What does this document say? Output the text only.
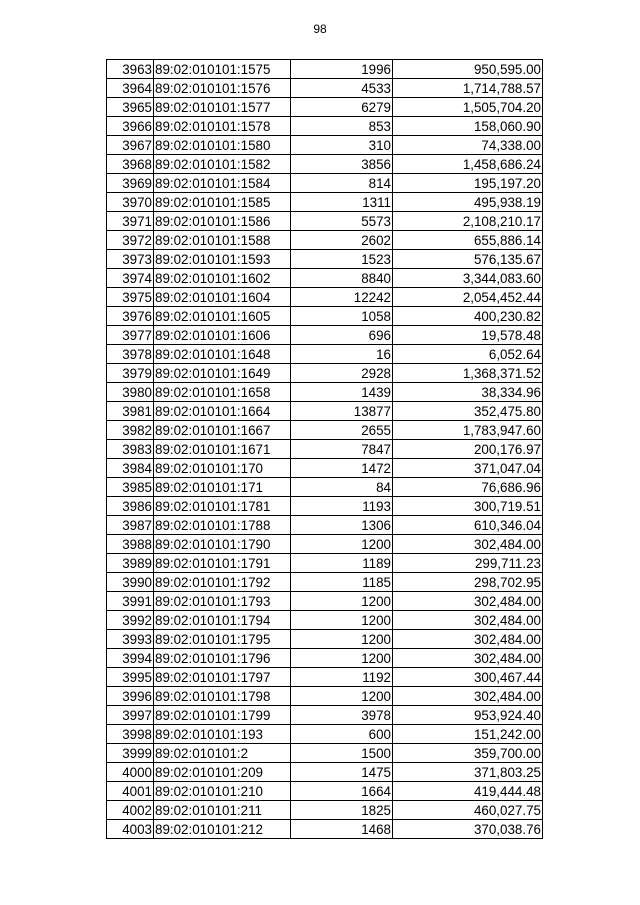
98
3963	89:02:010101:1575	1996	950,595.00
3964	89:02:010101:1576	4533	1,714,788.57
3965	89:02:010101:1577	6279	1,505,704.20
3966	89:02:010101:1578	853	158,060.90
3967	89:02:010101:1580	310	74,338.00
3968	89:02:010101:1582	3856	1,458,686.24
3969	89:02:010101:1584	814	195,197.20
3970	89:02:010101:1585	1311	495,938.19
3971	89:02:010101:1586	5573	2,108,210.17
3972	89:02:010101:1588	2602	655,886.14
3973	89:02:010101:1593	1523	576,135.67
3974	89:02:010101:1602	8840	3,344,083.60
3975	89:02:010101:1604	12242	2,054,452.44
3976	89:02:010101:1605	1058	400,230.82
3977	89:02:010101:1606	696	19,578.48
3978	89:02:010101:1648	16	6,052.64
3979	89:02:010101:1649	2928	1,368,371.52
3980	89:02:010101:1658	1439	38,334.96
3981	89:02:010101:1664	13877	352,475.80
3982	89:02:010101:1667	2655	1,783,947.60
3983	89:02:010101:1671	7847	200,176.97
3984	89:02:010101:170	1472	371,047.04
3985	89:02:010101:171	84	76,686.96
3986	89:02:010101:1781	1193	300,719.51
3987	89:02:010101:1788	1306	610,346.04
3988	89:02:010101:1790	1200	302,484.00
3989	89:02:010101:1791	1189	299,711.23
3990	89:02:010101:1792	1185	298,702.95
3991	89:02:010101:1793	1200	302,484.00
3992	89:02:010101:1794	1200	302,484.00
3993	89:02:010101:1795	1200	302,484.00
3994	89:02:010101:1796	1200	302,484.00
3995	89:02:010101:1797	1192	300,467.44
3996	89:02:010101:1798	1200	302,484.00
3997	89:02:010101:1799	3978	953,924.40
3998	89:02:010101:193	600	151,242.00
3999	89:02:010101:2	1500	359,700.00
4000	89:02:010101:209	1475	371,803.25
4001	89:02:010101:210	1664	419,444.48
4002	89:02:010101:211	1825	460,027.75
4003	89:02:010101:212	1468	370,038.76
